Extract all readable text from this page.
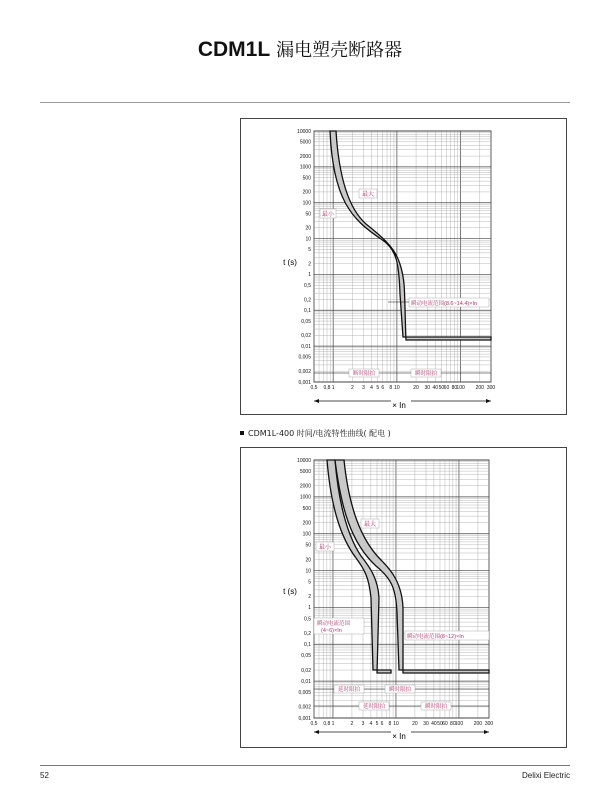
CDM1L 漏电塑壳断路器
10000
5000
2000
1000
500
200
100
50
20
10
5
2
1
0,5
0,2
0,1
0,05
0,02
0,01
0,005
0,002
0,001
0,5 0,8 1	2 3 4 5 6 8 10	20 30 40 50 60 80 100 200 300
t (s)
× In
最大
最小
瞬动电流范围(8.6~14.4)×In
断时限拍	瞬时限拍
CDM1L-400 时间/电流特性曲线( 配电 )
10000
5000
2000
1000
500
200
100
50
20
10
5
2
1
0,5
0,2
0,1
0,05
0,02
0,01
0,005
0,002
0,001
0,5 0,8 1	2 3 4 5 6 8 10	20 30 40 50 60 80 100 200 300
t (s)
× In
最大
最小
瞬动电流范围
(4~6)×In
瞬动电流范围(8~12)×In
延时限拍	瞬时限拍
延时限拍	瞬时限拍
52	Delixi Electric
